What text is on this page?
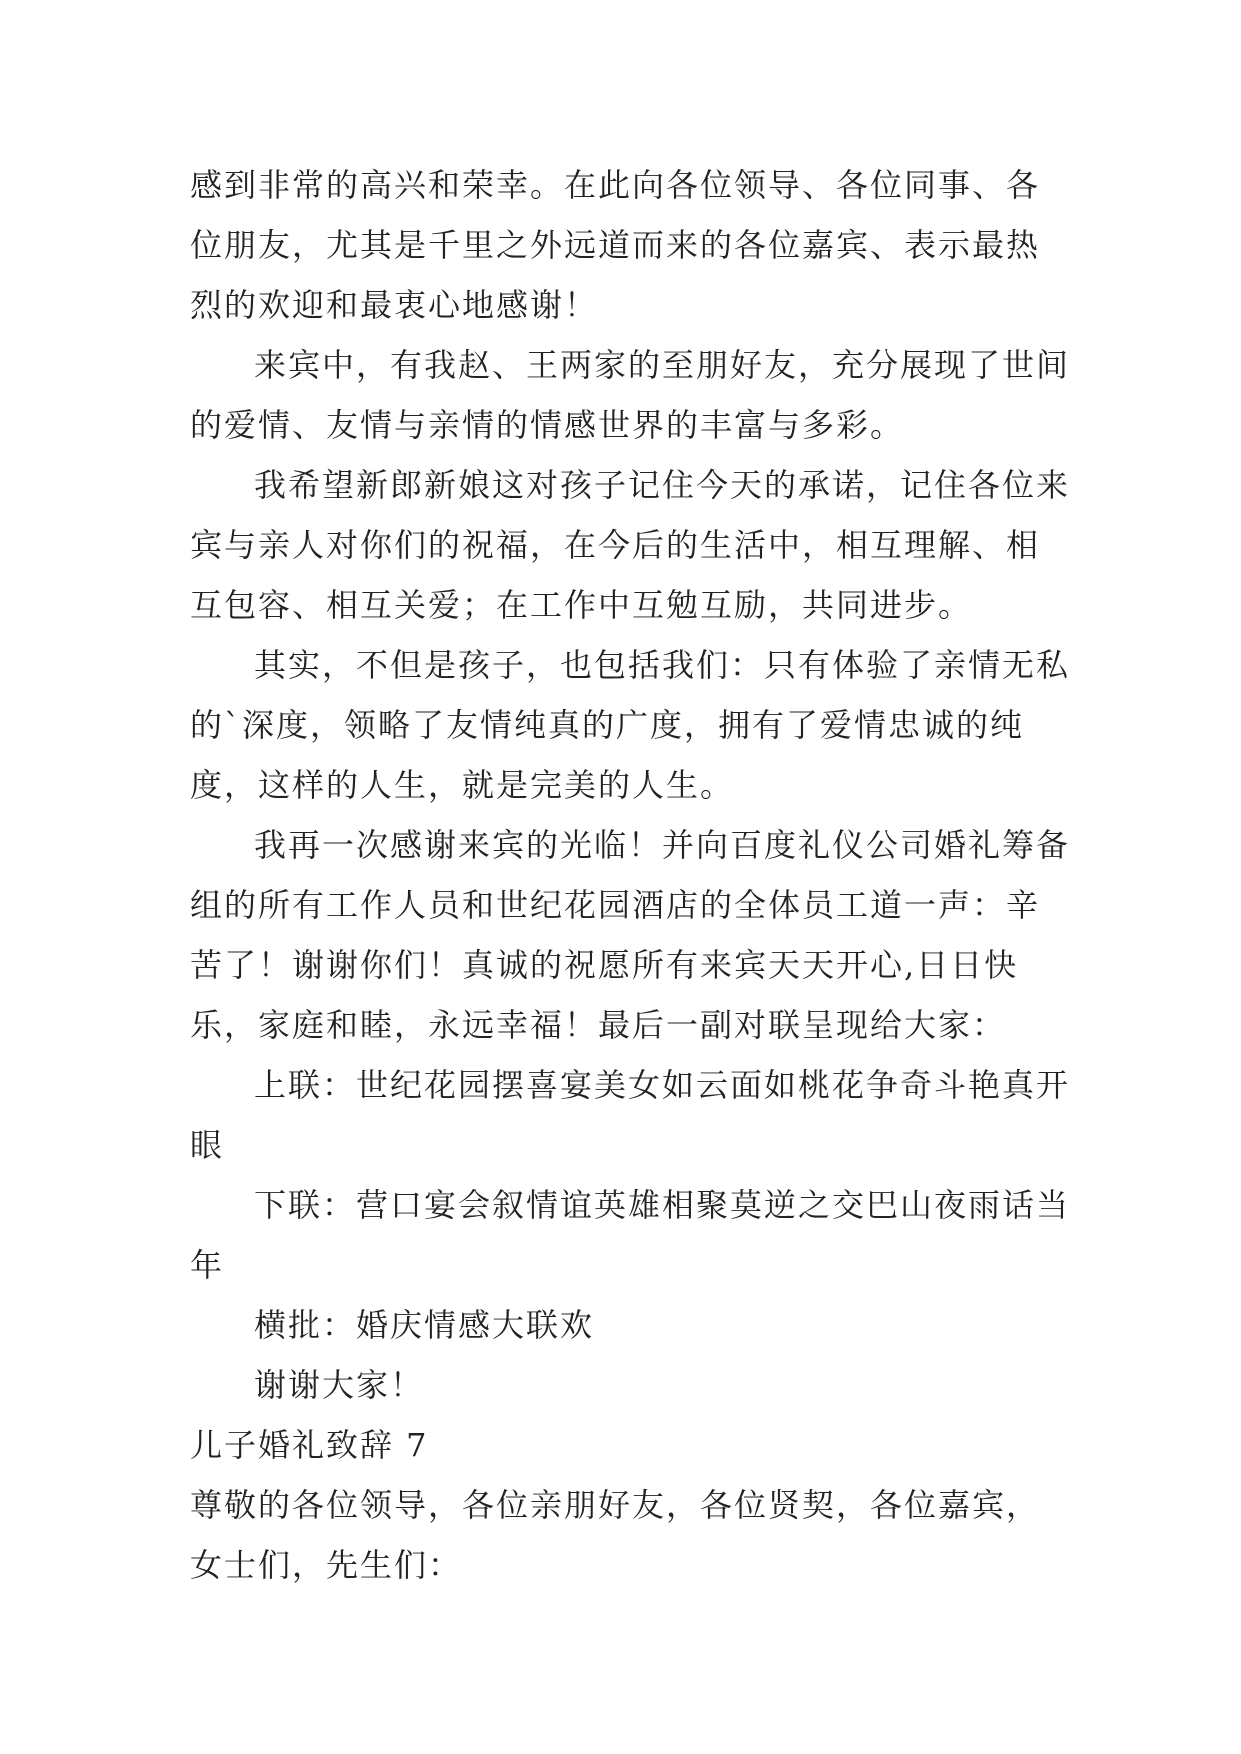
感到非常的高兴和荣幸。在此向各位领导、各位同事、各位朋友，尤其是千里之外远道而来的各位嘉宾、表示最热烈的欢迎和最衷心地感谢！

来宾中，有我赵、王两家的至朋好友，充分展现了世间的爱情、友情与亲情的情感世界的丰富与多彩。

我希望新郎新娘这对孩子记住今天的承诺，记住各位来宾与亲人对你们的祝福，在今后的生活中，相互理解、相互包容、相互关爱；在工作中互勉互励，共同进步。

其实，不但是孩子，也包括我们：只有体验了亲情无私的`深度，领略了友情纯真的广度，拥有了爱情忠诚的纯度，这样的人生，就是完美的人生。

我再一次感谢来宾的光临！并向百度礼仪公司婚礼筹备组的所有工作人员和世纪花园酒店的全体员工道一声：辛苦了！谢谢你们！真诚的祝愿所有来宾天天开心,日日快乐，家庭和睦，永远幸福！最后一副对联呈现给大家：

上联：世纪花园摆喜宴美女如云面如桃花争奇斗艳真开眼

下联：营口宴会叙情谊英雄相聚莫逆之交巴山夜雨话当年

横批：婚庆情感大联欢

谢谢大家！

儿子婚礼致辞 7

尊敬的各位领导，各位亲朋好友，各位贤契，各位嘉宾，女士们，先生们：
